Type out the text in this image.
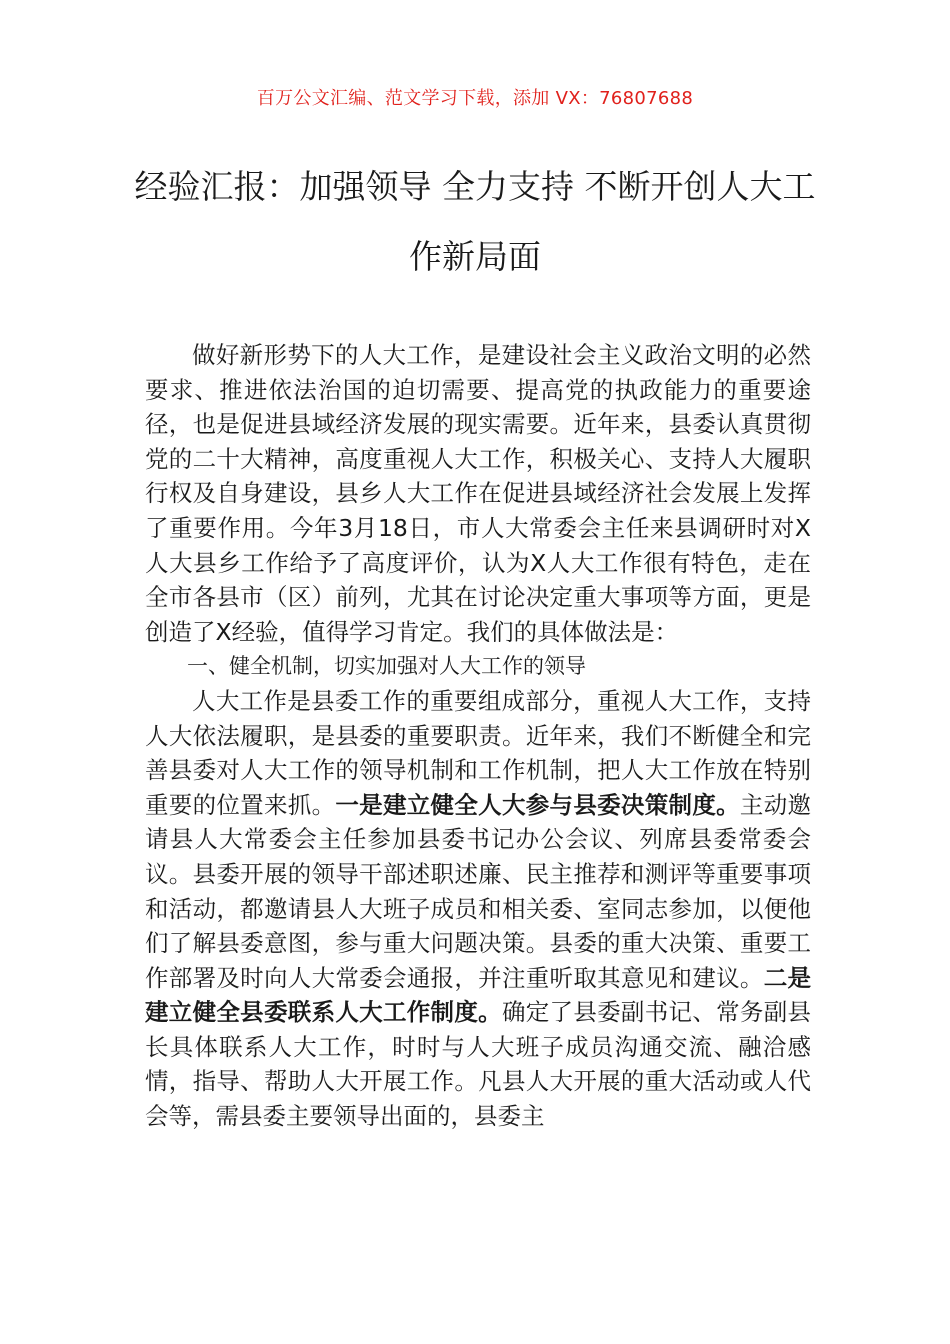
百万公文汇编、范文学习下载，添加 VX：76807688
经验汇报：加强领导 全力支持 不断开创人大工作新局面

做好新形势下的人大工作，是建设社会主义政治文明的必然要求、推进依法治国的迫切需要、提高党的执政能力的重要途径，也是促进县域经济发展的现实需要。近年来，县委认真贯彻党的二十大精神，高度重视人大工作，积极关心、支持人大履职行权及自身建设，县乡人大工作在促进县域经济社会发展上发挥了重要作用。今年3月18日，市人大常委会主任来县调研时对X人大县乡工作给予了高度评价，认为X人大工作很有特色，走在全市各县市（区）前列，尤其在讨论决定重大事项等方面，更是创造了X经验，值得学习肯定。我们的具体做法是：

一、健全机制，切实加强对人大工作的领导

人大工作是县委工作的重要组成部分，重视人大工作，支持人大依法履职，是县委的重要职责。近年来，我们不断健全和完善县委对人大工作的领导机制和工作机制，把人大工作放在特别重要的位置来抓。一是建立健全人大参与县委决策制度。主动邀请县人大常委会主任参加县委书记办公会议、列席县委常委会议。县委开展的领导干部述职述廉、民主推荐和测评等重要事项和活动，都邀请县人大班子成员和相关委、室同志参加，以便他们了解县委意图，参与重大问题决策。县委的重大决策、重要工作部署及时向人大常委会通报，并注重听取其意见和建议。二是建立健全县委联系人大工作制度。确定了县委副书记、常务副县长具体联系人大工作，时时与人大班子成员沟通交流、融洽感情，指导、帮助人大开展工作。凡县人大开展的重大活动或人代会等，需县委主要领导出面的，县委主
